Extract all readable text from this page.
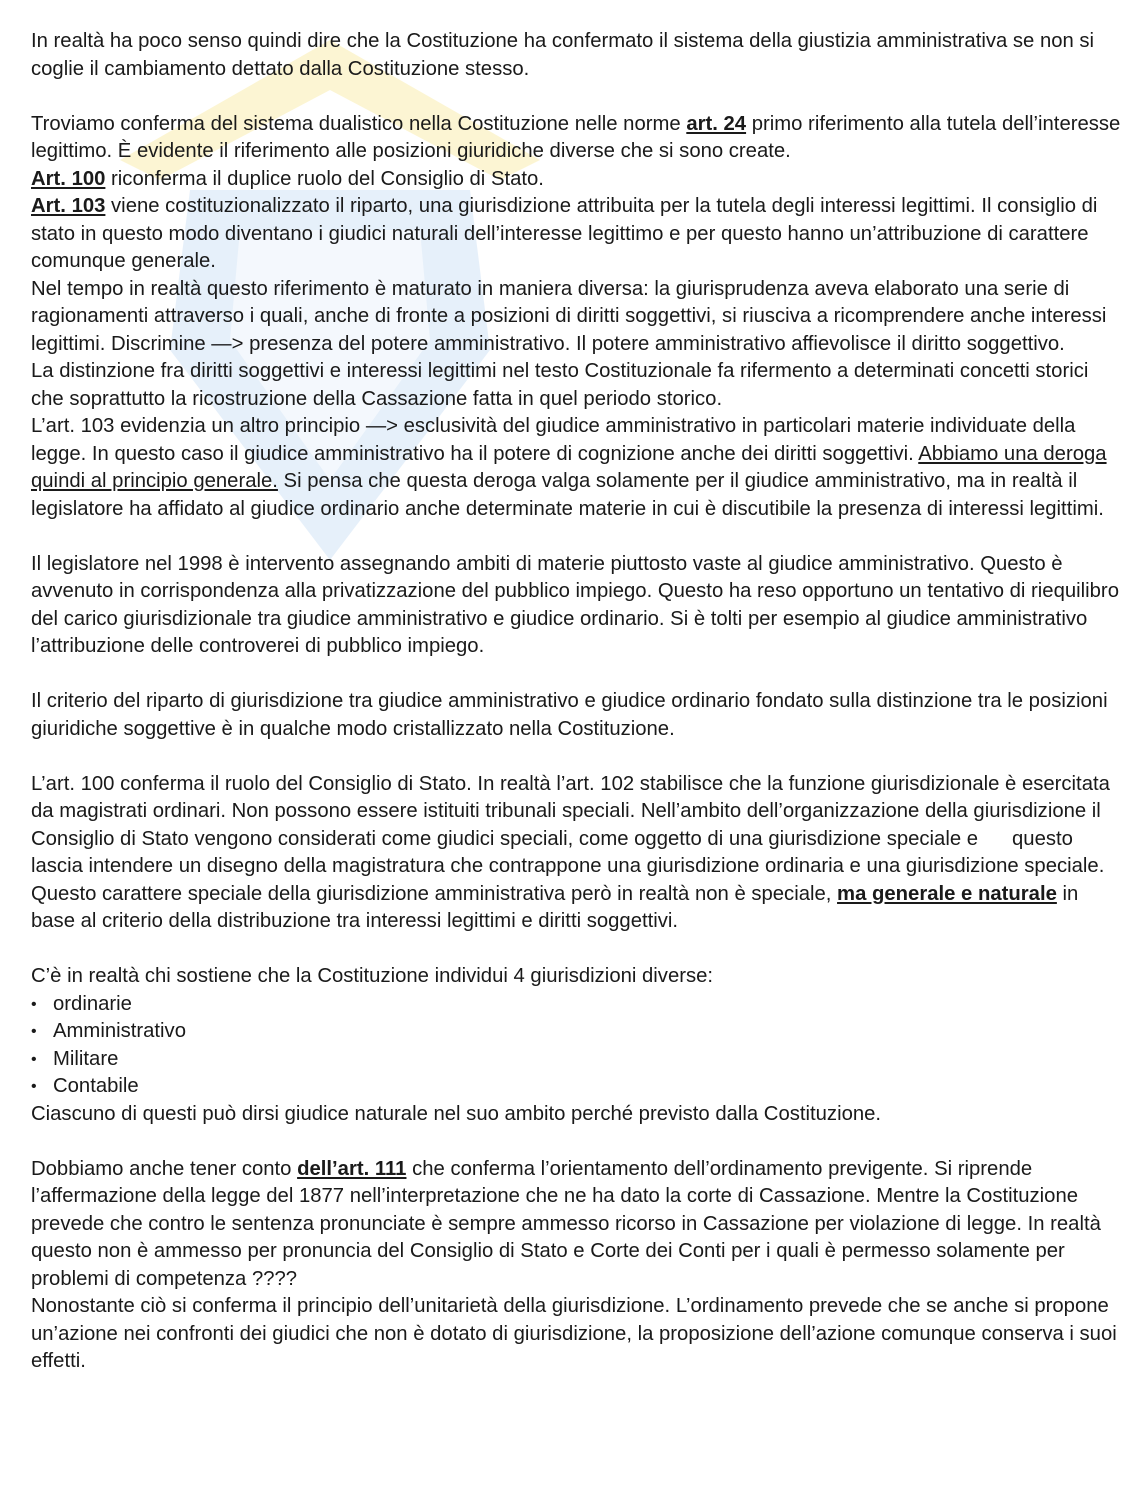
In realtà ha poco senso quindi dire che la Costituzione ha confermato il sistema della giustizia amministrativa se non si coglie il cambiamento dettato dalla Costituzione stesso.

Troviamo conferma del sistema dualistico nella Costituzione nelle norme art. 24 primo riferimento alla tutela dell’interesse legittimo. È evidente il riferimento alle posizioni giuridiche diverse che si sono create.

Art. 100 riconferma il duplice ruolo del Consiglio di Stato.

Art. 103 viene costituzionalizzato il riparto, una giurisdizione attribuita per la tutela degli interessi legittimi. Il consiglio di stato in questo modo diventano i giudici naturali dell’interesse legittimo e per questo hanno un’attribuzione di carattere comunque generale.

Nel tempo in realtà questo riferimento è maturato in maniera diversa: la giurisprudenza aveva elaborato una serie di ragionamenti attraverso i quali, anche di fronte a posizioni di diritti soggettivi, si riusciva a ricomprendere anche interessi legittimi. Discrimine —> presenza del potere amministrativo. Il potere amministrativo affievolisce il diritto soggettivo.

La distinzione fra diritti soggettivi e interessi legittimi nel testo Costituzionale fa rifermento a determinati concetti storici che soprattutto la ricostruzione della Cassazione fatta in quel periodo storico.

L’art. 103 evidenzia un altro principio —> esclusività del giudice amministrativo in particolari materie individuate della legge. In questo caso il giudice amministrativo ha il potere di cognizione anche dei diritti soggettivi. Abbiamo una deroga quindi al principio generale. Si pensa che questa deroga valga solamente per il giudice amministrativo, ma in realtà il legislatore ha affidato al giudice ordinario anche determinate materie in cui è discutibile la presenza di interessi legittimi.

Il legislatore nel 1998 è intervento assegnando ambiti di materie piuttosto vaste al giudice amministrativo. Questo è avvenuto in corrispondenza alla privatizzazione del pubblico impiego. Questo ha reso opportuno un tentativo di riequilibro del carico giurisdizionale tra giudice amministrativo e giudice ordinario. Si è tolti per esempio al giudice amministrativo l’attribuzione delle controverei di pubblico impiego.

Il criterio del riparto di giurisdizione tra giudice amministrativo e giudice ordinario fondato sulla distinzione tra le posizioni giuridiche soggettive è in qualche modo cristallizzato nella Costituzione.

L’art. 100 conferma il ruolo del Consiglio di Stato. In realtà l’art. 102 stabilisce che la funzione giurisdizionale è esercitata da magistrati ordinari. Non possono essere istituiti tribunali speciali. Nell’ambito dell’organizzazione della giurisdizione il Consiglio di Stato vengono considerati come giudici speciali, come oggetto di una giurisdizione speciale e questo lascia intendere un disegno della magistratura che contrappone una giurisdizione ordinaria e una giurisdizione speciale. Questo carattere speciale della giurisdizione amministrativa però in realtà non è speciale, ma generale e naturale in base al criterio della distribuzione tra interessi legittimi e diritti soggettivi.

C’è in realtà chi sostiene che la Costituzione individui 4 giurisdizioni diverse:

• ordinarie
• Amministrativo
• Militare
• Contabile

Ciascuno di questi può dirsi giudice naturale nel suo ambito perché previsto dalla Costituzione.

Dobbiamo anche tener conto dell’art. 111 che conferma l’orientamento dell’ordinamento previgente. Si riprende l’affermazione della legge del 1877 nell’interpretazione che ne ha dato la corte di Cassazione. Mentre la Costituzione prevede che contro le sentenza pronunciate è sempre ammesso ricorso in Cassazione per violazione di legge. In realtà questo non è ammesso per pronuncia del Consiglio di Stato e Corte dei Conti per i quali è permesso solamente per problemi di competenza ????

Nonostante ciò si conferma il principio dell’unitarietà della giurisdizione. L’ordinamento prevede che se anche si propone un’azione nei confronti dei giudici che non è dotato di giurisdizione, la proposizione dell’azione comunque conserva i suoi effetti.
